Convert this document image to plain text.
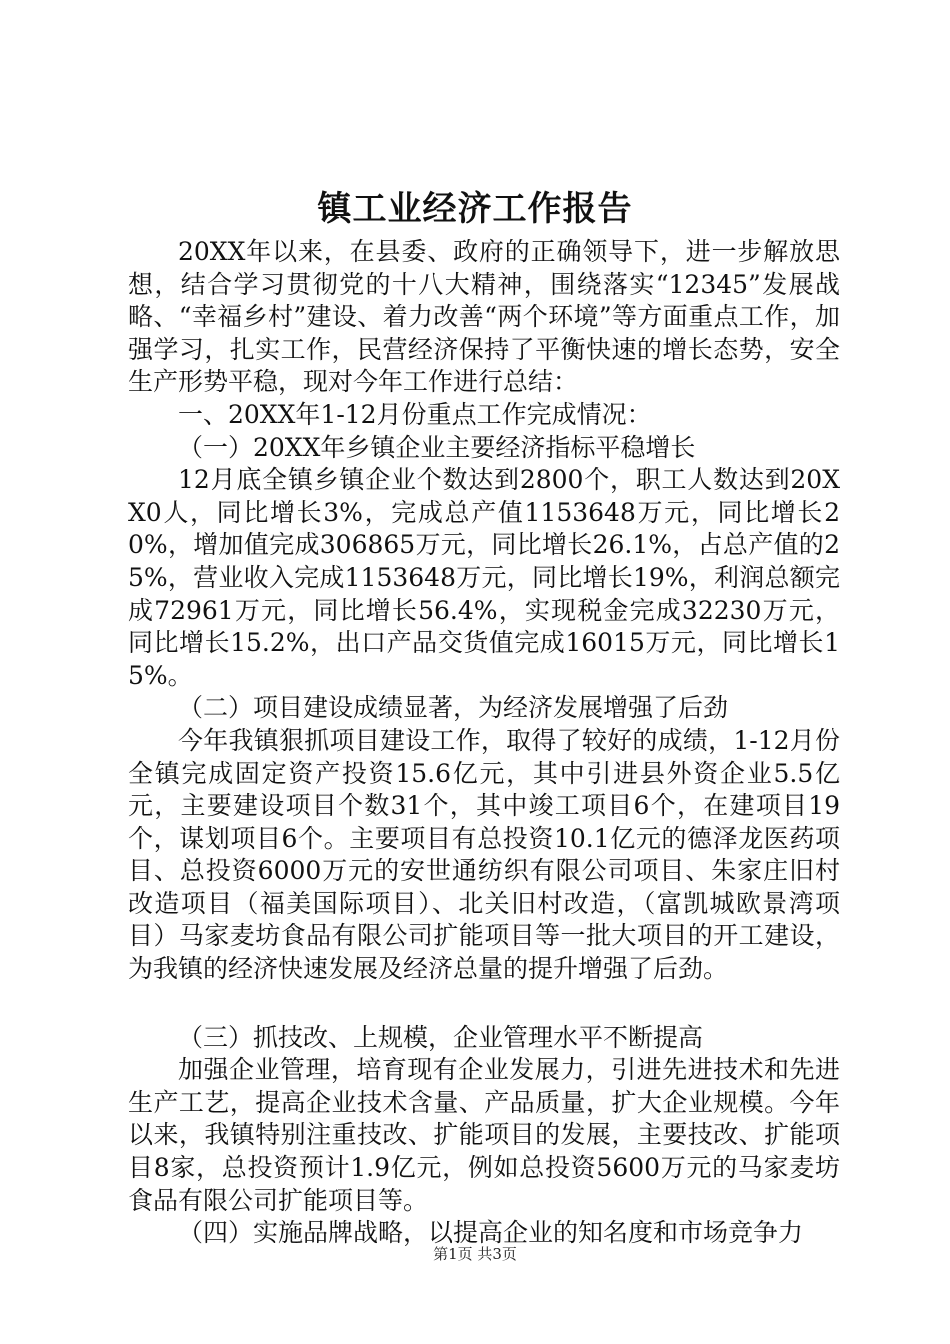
镇工业经济工作报告

20XX年以来，在县委、政府的正确领导下，进一步解放思想，结合学习贯彻党的十八大精神，围绕落实“12345”发展战略、“幸福乡村”建设、着力改善“两个环境”等方面重点工作，加强学习，扎实工作，民营经济保持了平衡快速的增长态势，安全生产形势平稳，现对今年工作进行总结：

一、20XX年1-12月份重点工作完成情况：

（一）20XX年乡镇企业主要经济指标平稳增长

12月底全镇乡镇企业个数达到2800个，职工人数达到20XX0人，同比增长3%，完成总产值1153648万元，同比增长20%，增加值完成306865万元，同比增长26.1%，占总产值的25%，营业收入完成1153648万元，同比增长19%，利润总额完成72961万元，同比增长56.4%，实现税金完成32230万元，同比增长15.2%，出口产品交货值完成16015万元，同比增长15%。

（二）项目建设成绩显著，为经济发展增强了后劲

今年我镇狠抓项目建设工作，取得了较好的成绩，1-12月份全镇完成固定资产投资15.6亿元，其中引进县外资企业5.5亿元，主要建设项目个数31个，其中竣工项目6个，在建项目19个，谋划项目6个。主要项目有总投资10.1亿元的德泽龙医药项目、总投资6000万元的安世通纺织有限公司项目、朱家庄旧村改造项目（福美国际项目）、北关旧村改造，（富凯城欧景湾项目）马家麦坊食品有限公司扩能项目等一批大项目的开工建设，为我镇的经济快速发展及经济总量的提升增强了后劲。

（三）抓技改、上规模，企业管理水平不断提高

加强企业管理，培育现有企业发展力，引进先进技术和先进生产工艺，提高企业技术含量、产品质量，扩大企业规模。今年以来，我镇特别注重技改、扩能项目的发展，主要技改、扩能项目8家，总投资预计1.9亿元，例如总投资5600万元的马家麦坊食品有限公司扩能项目等。

（四）实施品牌战略，以提高企业的知名度和市场竞争力

第1页 共3页
